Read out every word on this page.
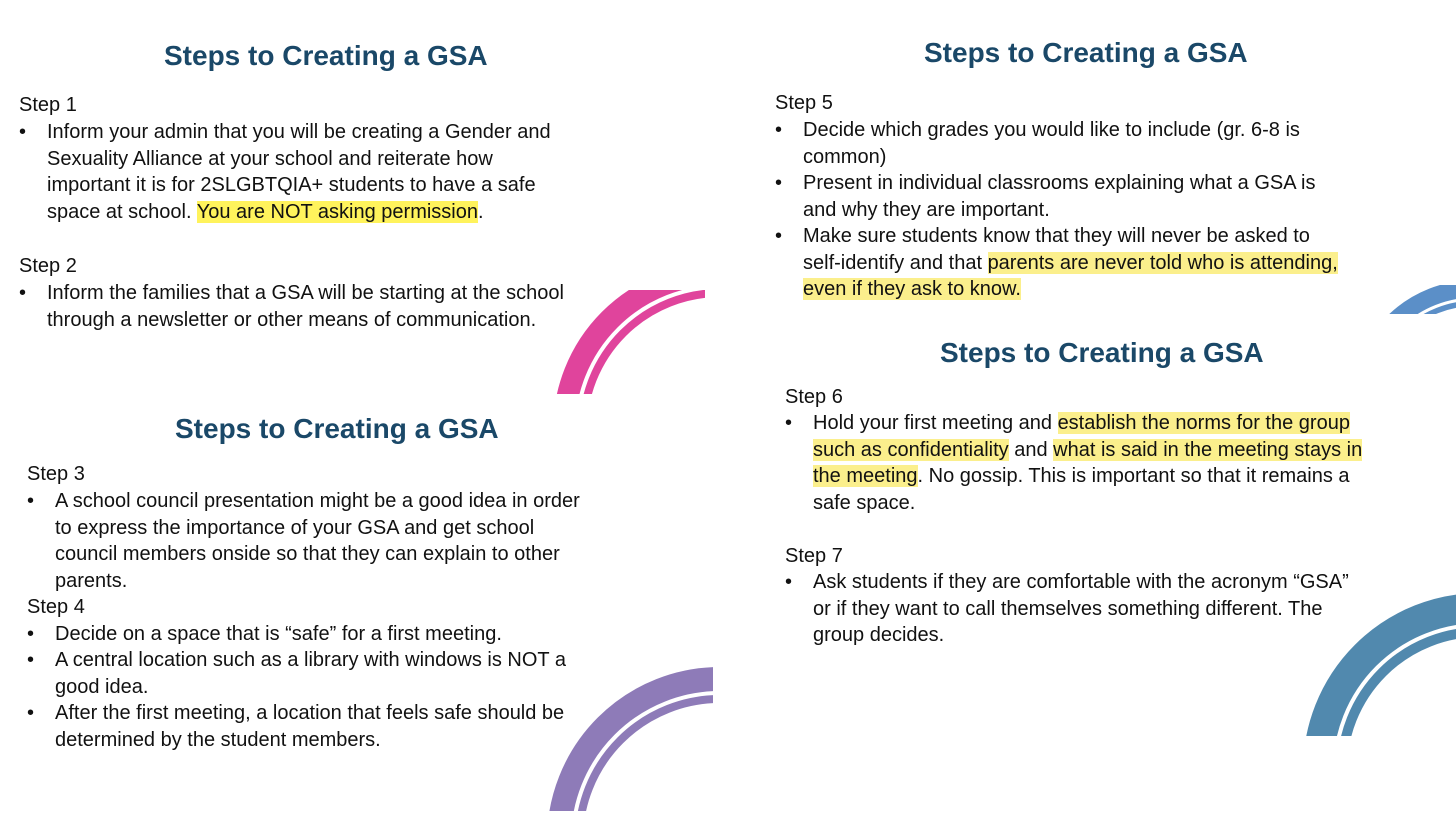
Steps to Creating a GSA
Step 1
•	Inform your admin that you will be creating a Gender and
Sexuality Alliance at your school and reiterate how
important it is for 2SLGBTQIA+ students to have a safe
space at school. You are NOT asking permission.
Step 2
•	Inform the families that a GSA will be starting at the school
through a newsletter or other means of communication.
Steps to Creating a GSA
Step 3
•	A school council presentation might be a good idea in order
to express the importance of your GSA and get school
council members onside so that they can explain to other
parents.
Step 4
•	Decide on a space that is “safe” for a first meeting.
•	A central location such as a library with windows is NOT a
good idea.
•	After the first meeting, a location that feels safe should be
determined by the student members.
Steps to Creating a GSA
Step 5
•	Decide which grades you would like to include (gr. 6-8 is
common)
•	Present in individual classrooms explaining what a GSA is
and why they are important.
•	Make sure students know that they will never be asked to
self-identify and that parents are never told who is attending,
even if they ask to know.
Steps to Creating a GSA
Step 6
•	Hold your first meeting and establish the norms for the group
such as confidentiality and what is said in the meeting stays in
the meeting. No gossip. This is important so that it remains a
safe space.
Step 7
•	Ask students if they are comfortable with the acronym “GSA”
or if they want to call themselves something different. The
group decides.
